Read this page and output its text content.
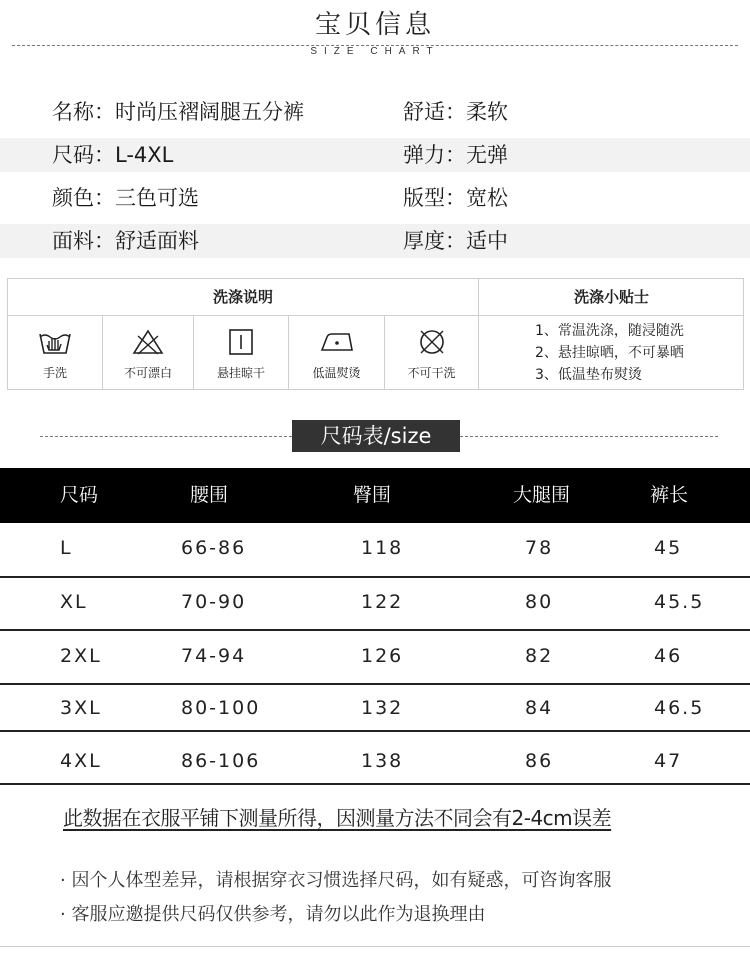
宝贝信息
SIZE CHART
名称：时尚压褶阔腿五分裤	舒适：柔软
尺码：L-4XL	弹力：无弹
颜色：三色可选	版型：宽松
面料：舒适面料	厚度：适中
洗涤说明	洗涤小贴士
手洗	不可漂白	悬挂晾干	低温熨烫	不可干洗
1、常温洗涤，随浸随洗
2、悬挂晾晒，不可暴晒
3、低温垫布熨烫
尺码表/size
尺码	腰围	臀围	大腿围	裤长
L	66-86	118	78	45
XL	70-90	122	80	45.5
2XL	74-94	126	82	46
3XL	80-100	132	84	46.5
4XL	86-106	138	86	47
此数据在衣服平铺下测量所得，因测量方法不同会有2-4cm误差
· 因个人体型差异，请根据穿衣习惯选择尺码，如有疑惑，可咨询客服
· 客服应邀提供尺码仅供参考，请勿以此作为退换理由
